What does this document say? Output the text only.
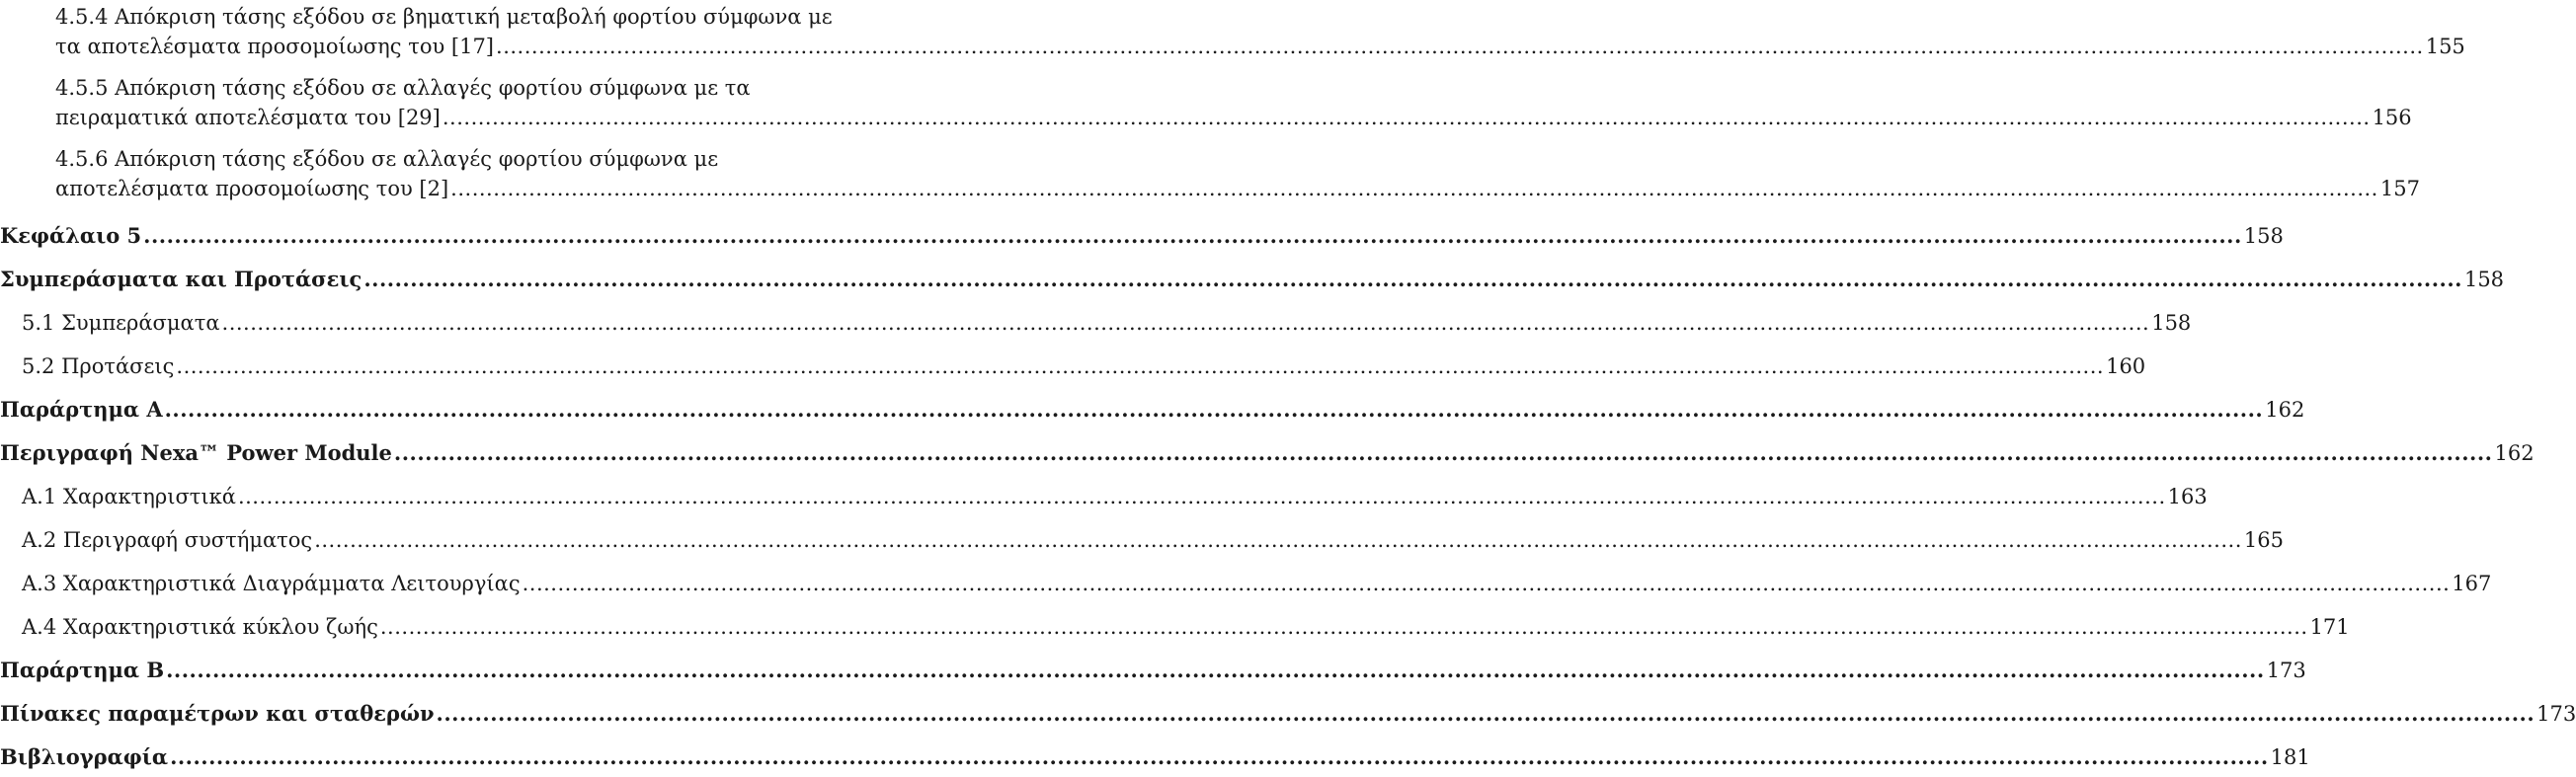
4.5.4 Απόκριση τάσης εξόδου σε βηματική μεταβολή φορτίου σύμφωνα με
τα αποτελέσματα προσομοίωσης του [17] .....	155
4.5.5 Απόκριση τάσης εξόδου σε αλλαγές φορτίου σύμφωνα με τα
πειραματικά αποτελέσματα του [29] .....	156
4.5.6 Απόκριση τάσης εξόδου σε αλλαγές φορτίου σύμφωνα με
αποτελέσματα προσομοίωσης του [2] .....	157
Κεφάλαιο 5 .....	158
Συμπεράσματα και Προτάσεις .....	158
5.1 Συμπεράσματα .....	158
5.2 Προτάσεις .....	160
Παράρτημα Α .....	162
Περιγραφή Nexa™ Power Module .....	162
Α.1 Χαρακτηριστικά .....	163
Α.2 Περιγραφή συστήματος .....	165
Α.3 Χαρακτηριστικά Διαγράμματα Λειτουργίας .....	167
Α.4 Χαρακτηριστικά κύκλου ζωής .....	171
Παράρτημα Β .....	173
Πίνακες παραμέτρων και σταθερών .....	173
Βιβλιογραφία .....	181
